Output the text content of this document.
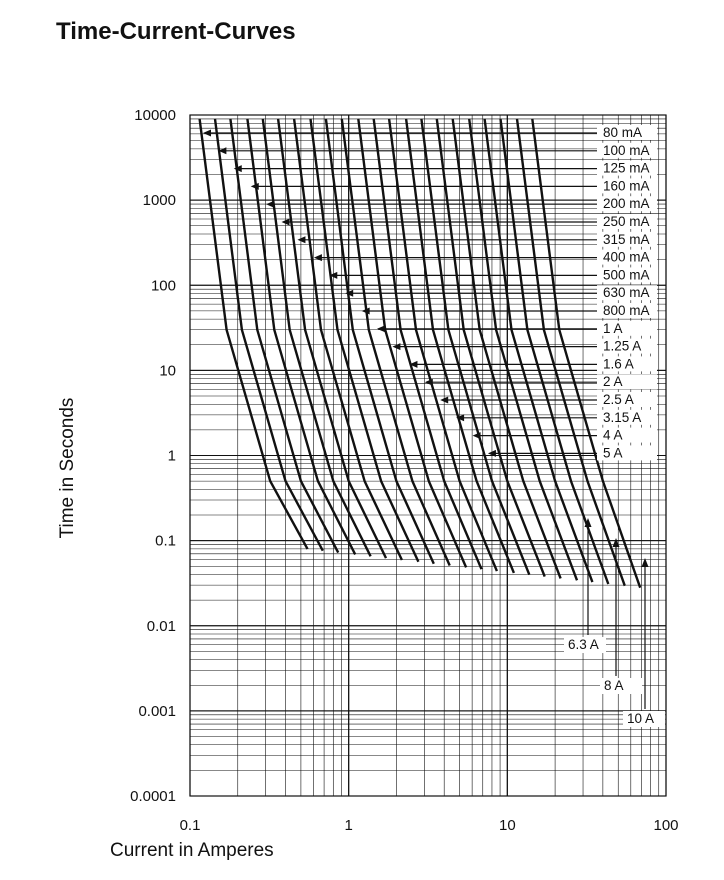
Time-Current-Curves
80 mA
100 mA
125 mA
160 mA
200 mA
250 mA
315 mA
400 mA
500 mA
630 mA
800 mA
1 A
1.25 A
1.6 A
2 A
2.5 A
3.15 A
4 A
5 A
6.3 A
8 A
10 A
0.1	1	10	100
10000
1000
100
10
1
0.1
0.01
0.001
0.0001
Current in Amperes
Time in Seconds
